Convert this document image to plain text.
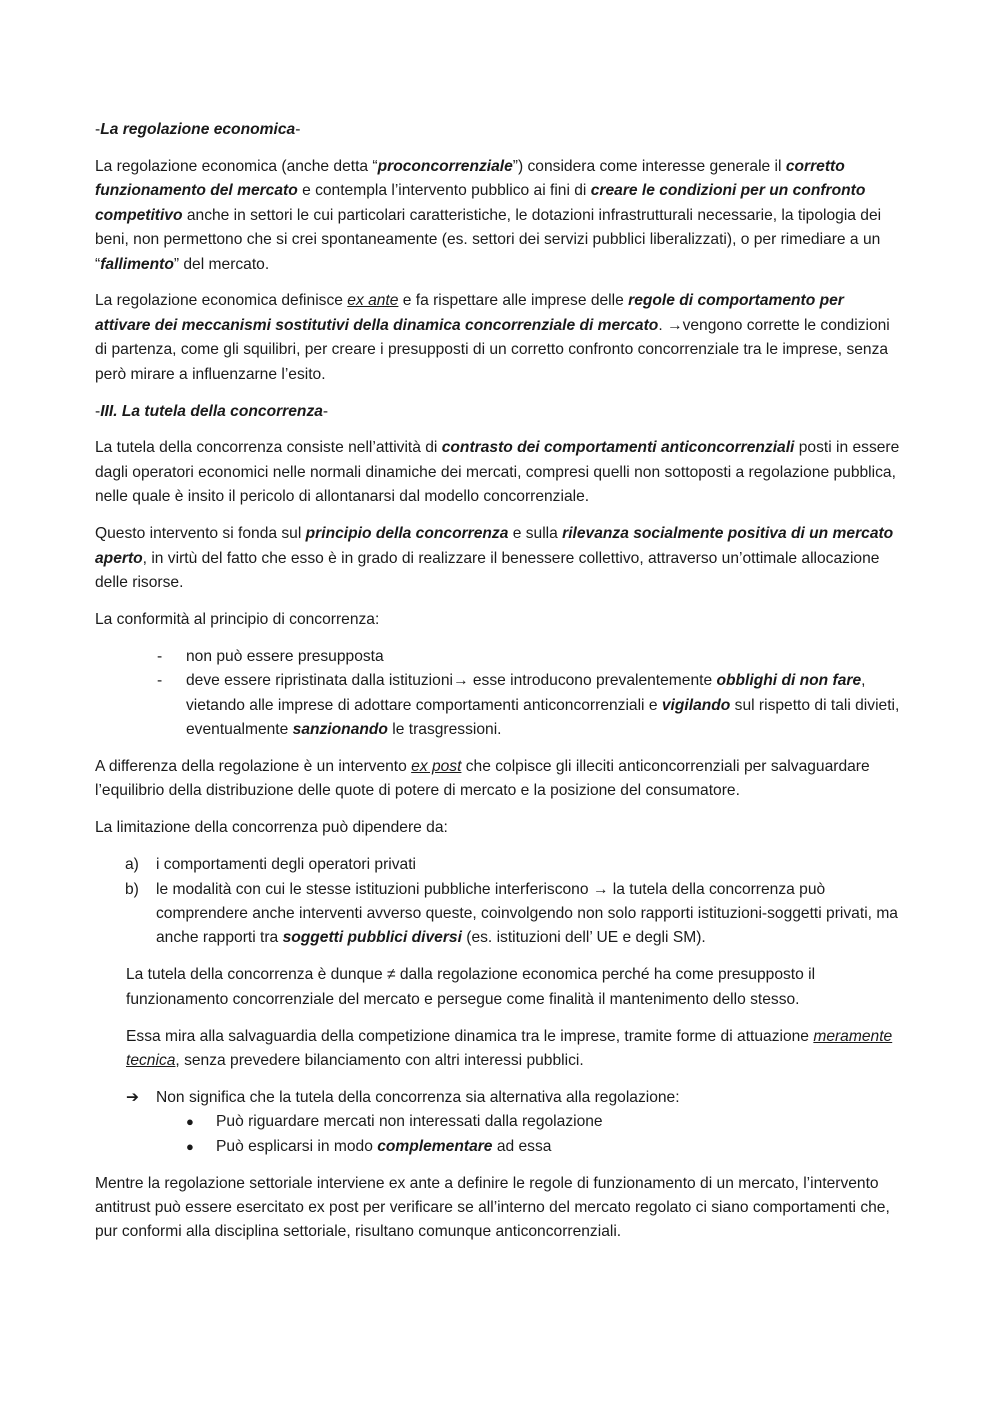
-La regolazione economica-

La regolazione economica (anche detta “proconcorrenziale”) considera come interesse generale il corretto funzionamento del mercato e contempla l’intervento pubblico ai fini di creare le condizioni per un confronto competitivo anche in settori le cui particolari caratteristiche, le dotazioni infrastrutturali necessarie, la tipologia dei beni, non permettono che si crei spontaneamente (es. settori dei servizi pubblici liberalizzati), o per rimediare a un “fallimento” del mercato.

La regolazione economica definisce ex ante e fa rispettare alle imprese delle regole di comportamento per attivare dei meccanismi sostitutivi della dinamica concorrenziale di mercato. →vengono corrette le condizioni di partenza, come gli squilibri, per creare i presupposti di un corretto confronto concorrenziale tra le imprese, senza però mirare a influenzarne l’esito.

-III. La tutela della concorrenza-

La tutela della concorrenza consiste nell’attività di contrasto dei comportamenti anticoncorrenziali posti in essere dagli operatori economici nelle normali dinamiche dei mercati, compresi quelli non sottoposti a regolazione pubblica, nelle quale è insito il pericolo di allontanarsi dal modello concorrenziale.

Questo intervento si fonda sul principio della concorrenza e sulla rilevanza socialmente positiva di un mercato aperto, in virtù del fatto che esso è in grado di realizzare il benessere collettivo, attraverso un’ottimale allocazione delle risorse.

La conformità al principio di concorrenza:

- non può essere presupposta
- deve essere ripristinata dalla istituzioni→ esse introducono prevalentemente obblighi di non fare, vietando alle imprese di adottare comportamenti anticoncorrenziali e vigilando sul rispetto di tali divieti, eventualmente sanzionando le trasgressioni.

A differenza della regolazione è un intervento ex post che colpisce gli illeciti anticoncorrenziali per salvaguardare l’equilibrio della distribuzione delle quote di potere di mercato e la posizione del consumatore.

La limitazione della concorrenza può dipendere da:

a) i comportamenti degli operatori privati
b) le modalità con cui le stesse istituzioni pubbliche interferiscono → la tutela della concorrenza può comprendere anche interventi avverso queste, coinvolgendo non solo rapporti istituzioni-soggetti privati, ma anche rapporti tra soggetti pubblici diversi (es. istituzioni dell’ UE e degli SM).

La tutela della concorrenza è dunque ≠ dalla regolazione economica perché ha come presupposto il funzionamento concorrenziale del mercato e persegue come finalità il mantenimento dello stesso.

Essa mira alla salvaguardia della competizione dinamica tra le imprese, tramite forme di attuazione meramente tecnica, senza prevedere bilanciamento con altri interessi pubblici.

➔ Non significa che la tutela della concorrenza sia alternativa alla regolazione:
● Può riguardare mercati non interessati dalla regolazione
● Può esplicarsi in modo complementare ad essa

Mentre la regolazione settoriale interviene ex ante a definire le regole di funzionamento di un mercato, l’intervento antitrust può essere esercitato ex post per verificare se all’interno del mercato regolato ci siano comportamenti che, pur conformi alla disciplina settoriale, risultano comunque anticoncorrenziali.
